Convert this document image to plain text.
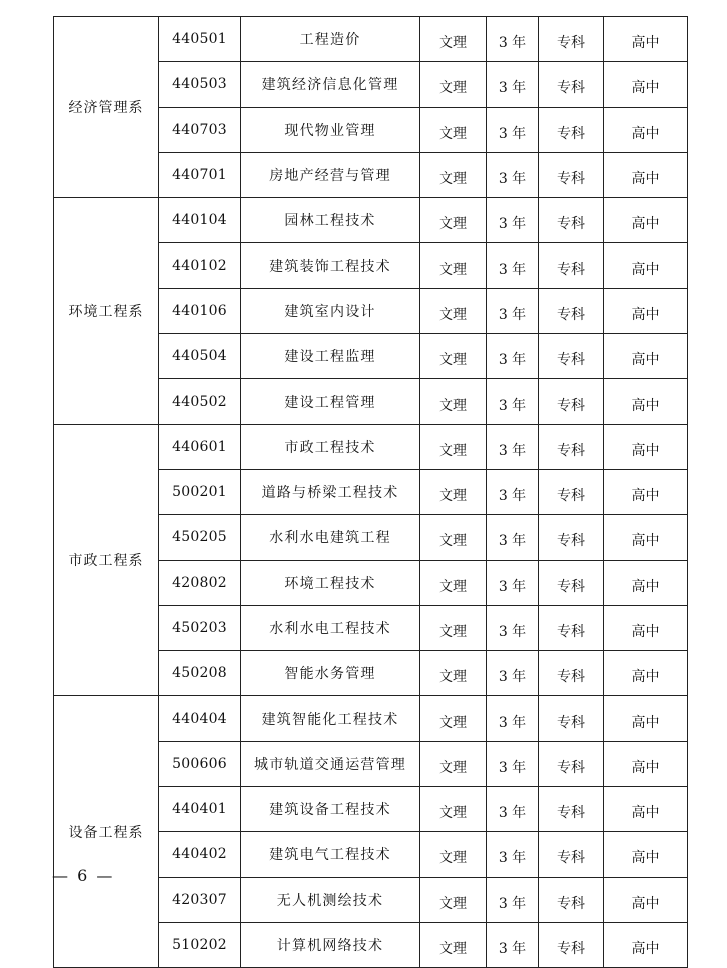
经济管理系	440501	工程造价	文理	3 年	专科	高中
	440503	建筑经济信息化管理	文理	3 年	专科	高中
	440703	现代物业管理	文理	3 年	专科	高中
	440701	房地产经营与管理	文理	3 年	专科	高中
环境工程系	440104	园林工程技术	文理	3 年	专科	高中
	440102	建筑装饰工程技术	文理	3 年	专科	高中
	440106	建筑室内设计	文理	3 年	专科	高中
	440504	建设工程监理	文理	3 年	专科	高中
	440502	建设工程管理	文理	3 年	专科	高中
市政工程系	440601	市政工程技术	文理	3 年	专科	高中
	500201	道路与桥梁工程技术	文理	3 年	专科	高中
	450205	水利水电建筑工程	文理	3 年	专科	高中
	420802	环境工程技术	文理	3 年	专科	高中
	450203	水利水电工程技术	文理	3 年	专科	高中
	450208	智能水务管理	文理	3 年	专科	高中
设备工程系	440404	建筑智能化工程技术	文理	3 年	专科	高中
	500606	城市轨道交通运营管理	文理	3 年	专科	高中
	440401	建筑设备工程技术	文理	3 年	专科	高中
	440402	建筑电气工程技术	文理	3 年	专科	高中
	420307	无人机测绘技术	文理	3 年	专科	高中
	510202	计算机网络技术	文理	3 年	专科	高中
— 6 —
